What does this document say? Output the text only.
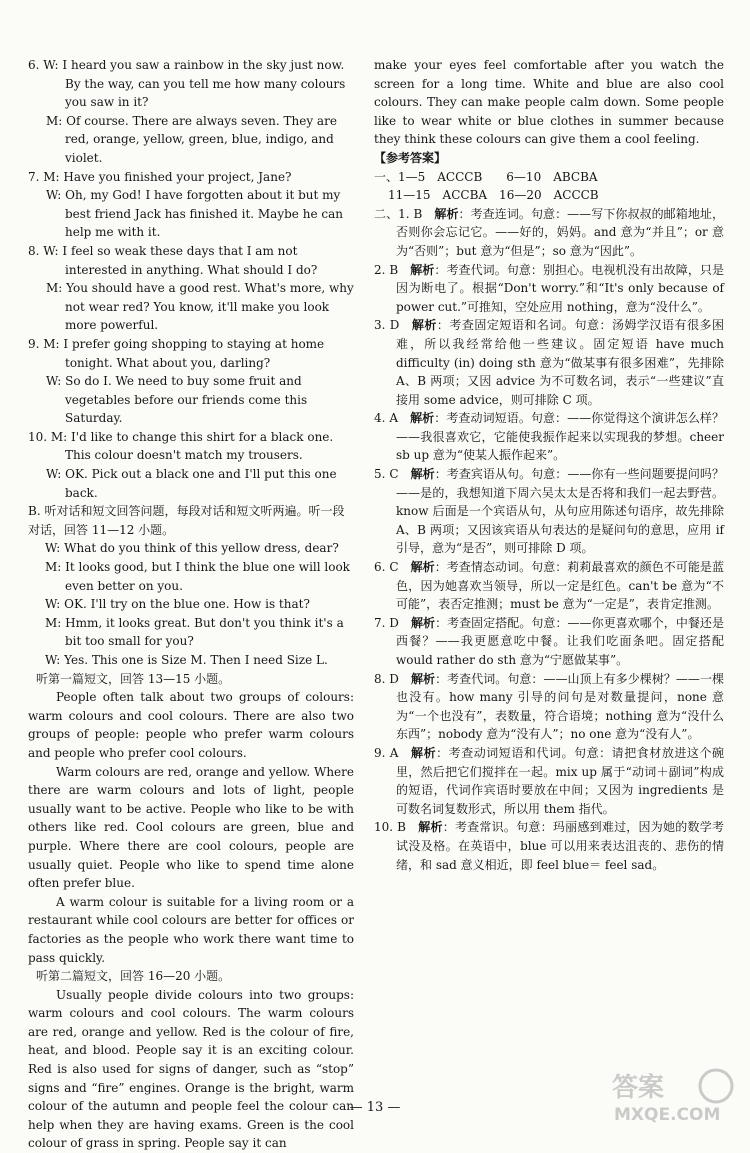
6. W: I heard you saw a rainbow in the sky just now. By the way, can you tell me how many colours you saw in it?

M: Of course. There are always seven. They are red, orange, yellow, green, blue, indigo, and violet.

7. M: Have you finished your project, Jane?

W: Oh, my God! I have forgotten about it but my best friend Jack has finished it. Maybe he can help me with it.

8. W: I feel so weak these days that I am not interested in anything. What should I do?

M: You should have a good rest. What's more, why not wear red? You know, it'll make you look more powerful.

9. M: I prefer going shopping to staying at home tonight. What about you, darling?

W: So do I. We need to buy some fruit and vegetables before our friends come this Saturday.

10. M: I'd like to change this shirt for a black one. This colour doesn't match my trousers.

W: OK. Pick out a black one and I'll put this one back.

B. 听对话和短文回答问题，每段对话和短文听两遍。听一段对话，回答 11—12 小题。

W: What do you think of this yellow dress, dear?

M: It looks good, but I think the blue one will look even better on you.

W: OK. I'll try on the blue one. How is that?

M: Hmm, it looks great. But don't you think it's a bit too small for you?

W: Yes. This one is Size M. Then I need Size L.

听第一篇短文，回答 13—15 小题。

People often talk about two groups of colours: warm colours and cool colours. There are also two groups of people: people who prefer warm colours and people who prefer cool colours.

Warm colours are red, orange and yellow. Where there are warm colours and lots of light, people usually want to be active. People who like to be with others like red. Cool colours are green, blue and purple. Where there are cool colours, people are usually quiet. People who like to spend time alone often prefer blue.

A warm colour is suitable for a living room or a restaurant while cool colours are better for offices or factories as the people who work there want time to pass quickly.

听第二篇短文，回答 16—20 小题。

Usually people divide colours into two groups: warm colours and cool colours. The warm colours are red, orange and yellow. Red is the colour of fire, heat, and blood. People say it is an exciting colour. Red is also used for signs of danger, such as “stop” signs and “fire” engines. Orange is the bright, warm colour of the autumn and people feel the colour can help when they are having exams. Green is the cool colour of grass in spring. People say it can

make your eyes feel comfortable after you watch the screen for a long time. White and blue are also cool colours. They can make people calm down. Some people like to wear white or blue clothes in summer because they think these colours can give them a cool feeling.

【参考答案】

一、1—5　ACCCB　　6—10　ABCBA

11—15　ACCBA　16—20　ACCCB

二、1. B  解析：考查连词。句意：——写下你叔叔的邮箱地址，否则你会忘记它。——好的，妈妈。and 意为“并且”；or 意为“否则”；but 意为“但是”；so 意为“因此”。

2. B  解析：考查代词。句意：别担心。电视机没有出故障，只是因为断电了。根据“Don't worry.”和“It's only because of power cut.”可推知，空处应用 nothing，意为“没什么”。

3. D  解析：考查固定短语和名词。句意：汤姆学汉语有很多困难，所以我经常给他一些建议。固定短语 have much difficulty (in) doing sth 意为“做某事有很多困难”，先排除 A、B 两项；又因 advice 为不可数名词，表示“一些建议”直接用 some advice，则可排除 C 项。

4. A  解析：考查动词短语。句意：——你觉得这个演讲怎么样？——我很喜欢它，它能使我振作起来以实现我的梦想。cheer sb up 意为“使某人振作起来”。

5. C  解析：考查宾语从句。句意：——你有一些问题要提问吗？——是的，我想知道下周六吴太太是否将和我们一起去野营。know 后面是一个宾语从句，从句应用陈述句语序，故先排除 A、B 两项；又因该宾语从句表达的是疑问句的意思，应用 if 引导，意为“是否”，则可排除 D 项。

6. C  解析：考查情态动词。句意：莉莉最喜欢的颜色不可能是蓝色，因为她喜欢当领导，所以一定是红色。can't be 意为“不可能”，表否定推测；must be 意为“一定是”，表肯定推测。

7. D  解析：考查固定搭配。句意：——你更喜欢哪个，中餐还是西餐？——我更愿意吃中餐。让我们吃面条吧。固定搭配 would rather do sth 意为“宁愿做某事”。

8. D  解析：考查代词。句意：——山顶上有多少棵树？——一棵也没有。how many 引导的问句是对数量提问，none 意为“一个也没有”，表数量，符合语境；nothing 意为“没什么东西”；nobody 意为“没有人”；no one 意为“没有人”。

9. A  解析：考查动词短语和代词。句意：请把食材放进这个碗里，然后把它们搅拌在一起。mix up 属于“动词＋副词”构成的短语，代词作宾语时要放在中间；又因为 ingredients 是可数名词复数形式，所以用 them 指代。

10. B  解析：考查常识。句意：玛丽感到难过，因为她的数学考试没及格。在英语中，blue 可以用来表达沮丧的、悲伤的情绪，和 sad 意义相近，即 feel blue＝ feel sad。

— 13 —
答案
MXQE.COM
